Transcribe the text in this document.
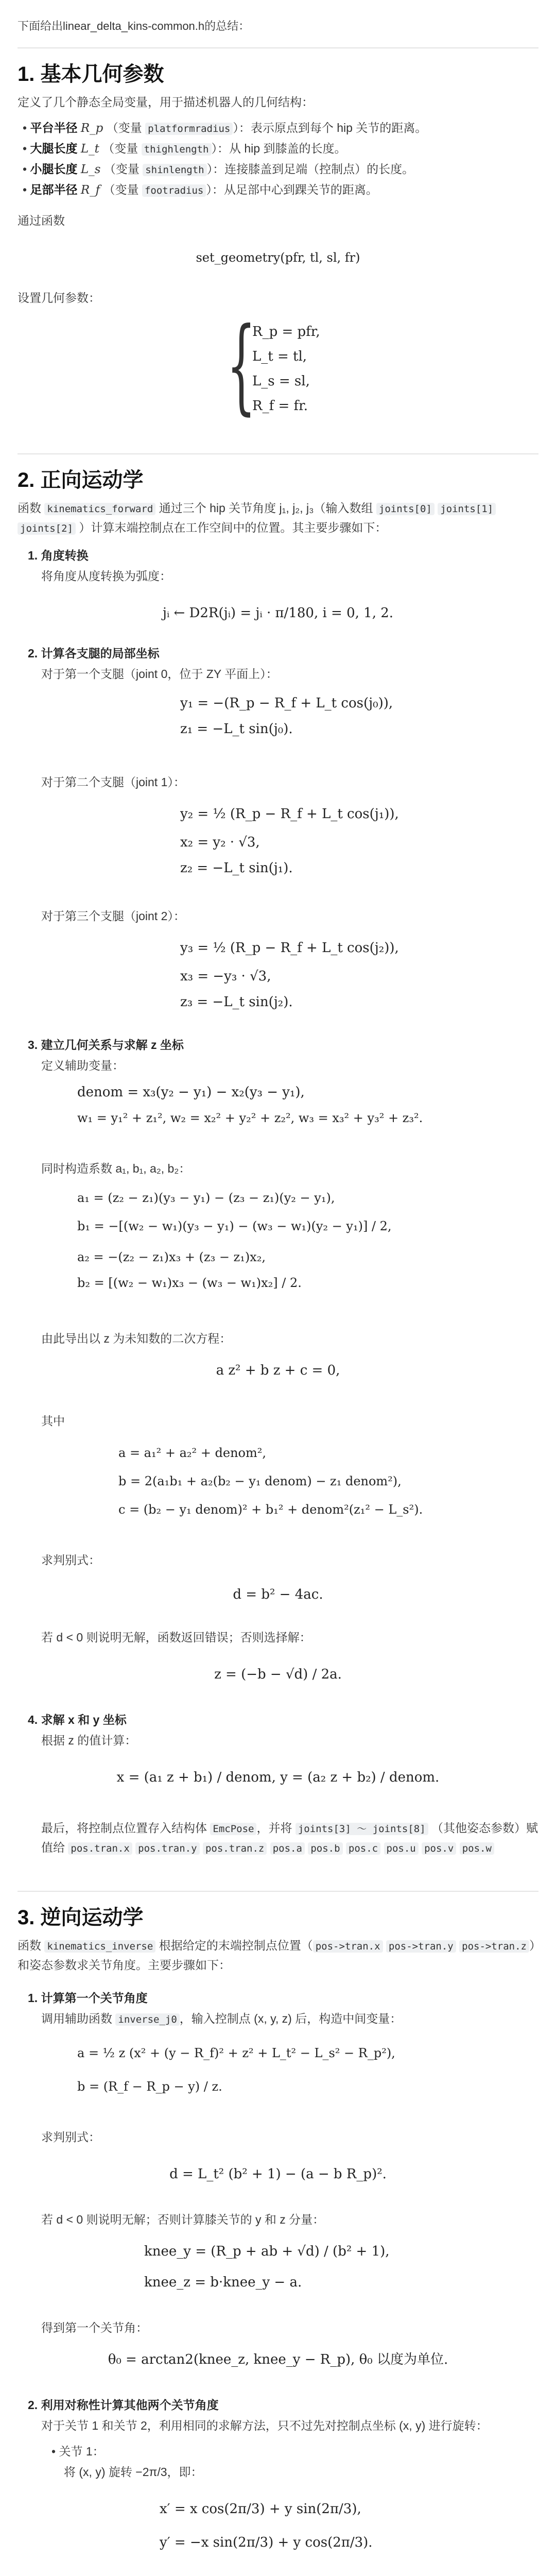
下面给出linear_delta_kins-common.h的总结：
1. 基本几何参数

定义了几个静态全局变量，用于描述机器人的几何结构：

• 平台半径 R_p （变量 platformradius ）：表示原点到每个 hip 关节的距离。
• 大腿长度 L_t （变量 thighlength ）：从 hip 到膝盖的长度。
• 小腿长度 L_s （变量 shinlength ）：连接膝盖到足端（控制点）的长度。
• 足部半径 R_f （变量 footradius ）：从足部中心到踝关节的距离。

通过函数

set_geometry(pfr, tl, sl, fr)

设置几何参数：

{
R_p = pfr,
L_t = tl,
L_s = sl,
R_f = fr.
2. 正向运动学

函数 kinematics_forward 通过三个 hip 关节角度 j₁, j₂, j₃（输入数组 joints[0] joints[1] joints[2] ）计算末端控制点在工作空间中的位置。其主要步骤如下：

1. 角度转换

将角度从度转换为弧度：

jᵢ ← D2R(jᵢ) = jᵢ · π/180, i = 0, 1, 2.
2. 计算各支腿的局部坐标

对于第一个支腿（joint 0，位于 ZY 平面上）：

y₁ = −(R_p − R_f + L_t cos(j₀)),
z₁ = −L_t sin(j₀).

对于第二个支腿（joint 1）：

y₂ = ½ (R_p − R_f + L_t cos(j₁)),
x₂ = y₂ · √3,
z₂ = −L_t sin(j₁).

对于第三个支腿（joint 2）：

y₃ = ½ (R_p − R_f + L_t cos(j₂)),
x₃ = −y₃ · √3,
z₃ = −L_t sin(j₂).
3. 建立几何关系与求解 z 坐标

定义辅助变量：

denom = x₃(y₂ − y₁) − x₂(y₃ − y₁),
w₁ = y₁² + z₁², w₂ = x₂² + y₂² + z₂², w₃ = x₃² + y₃² + z₃².

同时构造系数 a₁, b₁, a₂, b₂：

a₁ = (z₂ − z₁)(y₃ − y₁) − (z₃ − z₁)(y₂ − y₁),
b₁ = −[(w₂ − w₁)(y₃ − y₁) − (w₃ − w₁)(y₂ − y₁)] / 2,
a₂ = −(z₂ − z₁)x₃ + (z₃ − z₁)x₂,
b₂ = [(w₂ − w₁)x₃ − (w₃ − w₁)x₂] / 2.

由此导出以 z 为未知数的二次方程：

a z² + b z + c = 0,

其中

a = a₁² + a₂² + denom²,
b = 2(a₁b₁ + a₂(b₂ − y₁ denom) − z₁ denom²),
c = (b₂ − y₁ denom)² + b₁² + denom²(z₁² − L_s²).

求判别式：

d = b² − 4ac.

若 d < 0 则说明无解，函数返回错误；否则选择解：

z = (−b − √d) / 2a.
4. 求解 x 和 y 坐标

根据 z 的值计算：

x = (a₁ z + b₁) / denom, y = (a₂ z + b₂) / denom.

最后，将控制点位置存入结构体 EmcPose ，并将 joints[3] ～ joints[8] （其他姿态参数）赋值给 pos.tran.x pos.tran.y pos.tran.z pos.a pos.b pos.c pos.u pos.v pos.w

3. 逆向运动学

函数 kinematics_inverse 根据给定的末端控制点位置（ pos->tran.x pos->tran.y pos->tran.z ）和姿态参数求关节角度。主要步骤如下：

1. 计算第一个关节角度

调用辅助函数 inverse_j0 ，输入控制点 (x, y, z) 后，构造中间变量：

a = ½ z (x² + (y − R_f)² + z² + L_t² − L_s² − R_p²),
b = (R_f − R_p − y) / z.

求判别式：

d = L_t² (b² + 1) − (a − b R_p)².

若 d < 0 则说明无解；否则计算膝关节的 y 和 z 分量：

knee_y = (R_p + ab + √d) / (b² + 1),
knee_z = b·knee_y − a.

得到第一个关节角：

θ₀ = arctan2(knee_z, knee_y − R_p), θ₀ 以度为单位.
2. 利用对称性计算其他两个关节角度

对于关节 1 和关节 2，利用相同的求解方法，只不过先对控制点坐标 (x, y) 进行旋转：

• 关节 1：

将 (x, y) 旋转 −2π/3，即：

x′ = x cos(2π/3) + y sin(2π/3),
y′ = −x sin(2π/3) + y cos(2π/3).
